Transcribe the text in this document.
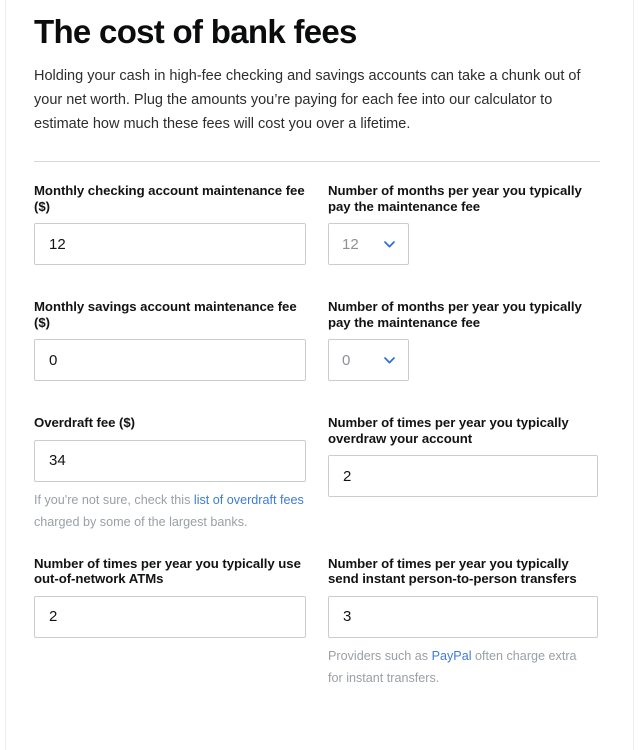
The cost of bank fees

Holding your cash in high-fee checking and savings accounts can take a chunk out of your net worth. Plug the amounts you’re paying for each fee into our calculator to estimate how much these fees will cost you over a lifetime.

Monthly checking account maintenance fee ($)
12
Number of months per year you typically pay the maintenance fee
12
Monthly savings account maintenance fee ($)
0
Number of months per year you typically pay the maintenance fee
0
Overdraft fee ($)
34

If you're not sure, check this list of overdraft fees charged by some of the largest banks.

Number of times per year you typically overdraw your account
2
Number of times per year you typically use out-of-network ATMs
2
Number of times per year you typically send instant person-to-person transfers
3

Providers such as PayPal often charge extra for instant transfers.
